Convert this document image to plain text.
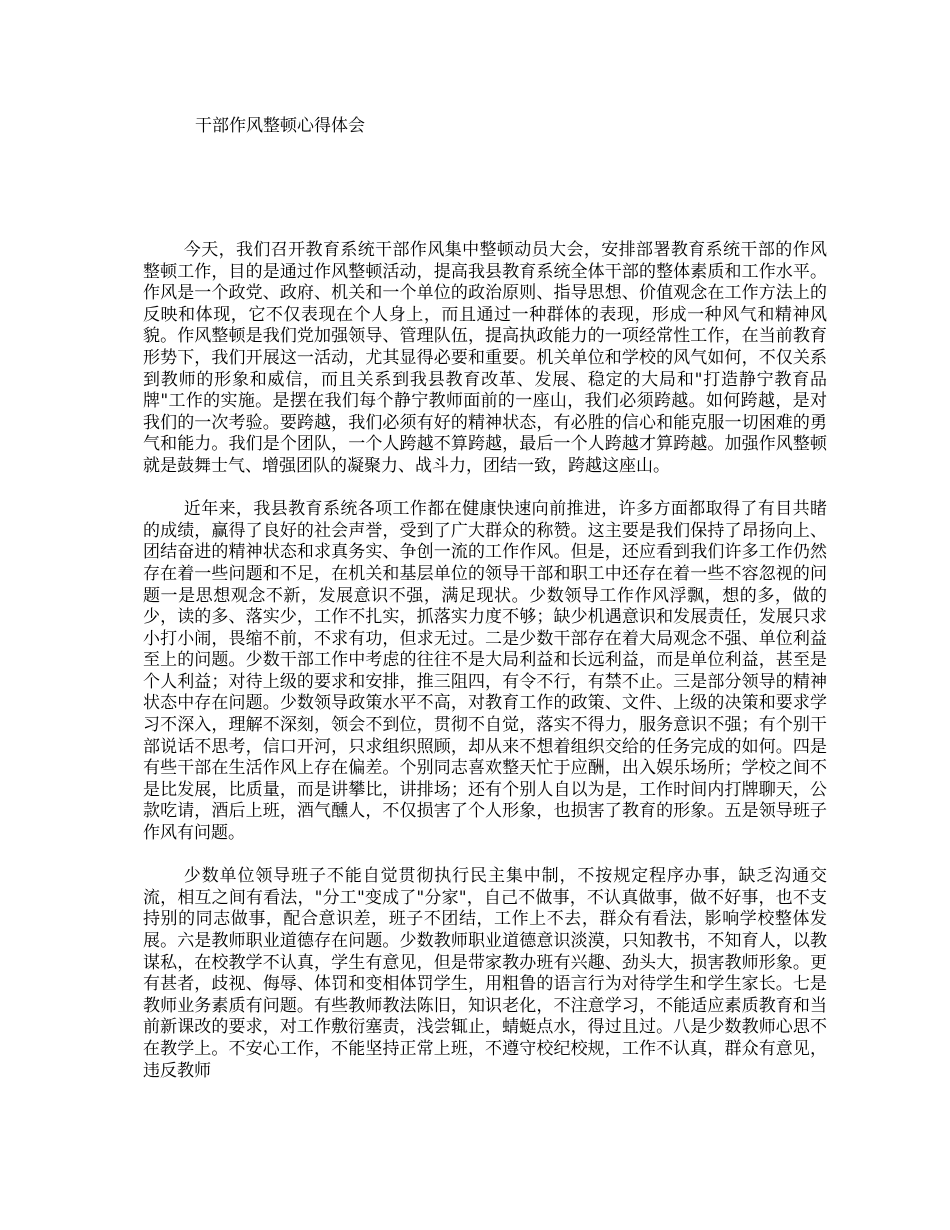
干部作风整顿心得体会

今天，我们召开教育系统干部作风集中整顿动员大会，安排部署教育系统干部的作风整顿工作，目的是通过作风整顿活动，提高我县教育系统全体干部的整体素质和工作水平。作风是一个政党、政府、机关和一个单位的政治原则、指导思想、价值观念在工作方法上的反映和体现，它不仅表现在个人身上，而且通过一种群体的表现，形成一种风气和精神风貌。作风整顿是我们党加强领导、管理队伍，提高执政能力的一项经常性工作，在当前教育形势下，我们开展这一活动，尤其显得必要和重要。机关单位和学校的风气如何，不仅关系到教师的形象和威信，而且关系到我县教育改革、发展、稳定的大局和"打造静宁教育品牌"工作的实施。是摆在我们每个静宁教师面前的一座山，我们必须跨越。如何跨越，是对我们的一次考验。要跨越，我们必须有好的精神状态，有必胜的信心和能克服一切困难的勇气和能力。我们是个团队，一个人跨越不算跨越，最后一个人跨越才算跨越。加强作风整顿就是鼓舞士气、增强团队的凝聚力、战斗力，团结一致，跨越这座山。

近年来，我县教育系统各项工作都在健康快速向前推进，许多方面都取得了有目共睹的成绩，赢得了良好的社会声誉，受到了广大群众的称赞。这主要是我们保持了昂扬向上、团结奋进的精神状态和求真务实、争创一流的工作作风。但是，还应看到我们许多工作仍然存在着一些问题和不足，在机关和基层单位的领导干部和职工中还存在着一些不容忽视的问题一是思想观念不新，发展意识不强，满足现状。少数领导工作作风浮飘，想的多，做的少，读的多、落实少，工作不扎实，抓落实力度不够；缺少机遇意识和发展责任，发展只求小打小闹，畏缩不前，不求有功，但求无过。二是少数干部存在着大局观念不强、单位利益至上的问题。少数干部工作中考虑的往往不是大局利益和长远利益，而是单位利益，甚至是个人利益；对待上级的要求和安排，推三阻四，有令不行，有禁不止。三是部分领导的精神状态中存在问题。少数领导政策水平不高，对教育工作的政策、文件、上级的决策和要求学习不深入，理解不深刻，领会不到位，贯彻不自觉，落实不得力，服务意识不强；有个别干部说话不思考，信口开河，只求组织照顾，却从来不想着组织交给的任务完成的如何。四是有些干部在生活作风上存在偏差。个别同志喜欢整天忙于应酬，出入娱乐场所；学校之间不是比发展，比质量，而是讲攀比，讲排场；还有个别人自以为是，工作时间内打牌聊天，公款吃请，酒后上班，酒气醺人，不仅损害了个人形象，也损害了教育的形象。五是领导班子作风有问题。

少数单位领导班子不能自觉贯彻执行民主集中制，不按规定程序办事，缺乏沟通交流，相互之间有看法，"分工"变成了"分家"，自己不做事，不认真做事，做不好事，也不支持别的同志做事，配合意识差，班子不团结，工作上不去，群众有看法，影响学校整体发展。六是教师职业道德存在问题。少数教师职业道德意识淡漠，只知教书，不知育人，以教谋私，在校教学不认真，学生有意见，但是带家教办班有兴趣、劲头大，损害教师形象。更有甚者，歧视、侮辱、体罚和变相体罚学生，用粗鲁的语言行为对待学生和学生家长。七是教师业务素质有问题。有些教师教法陈旧，知识老化，不注意学习，不能适应素质教育和当前新课改的要求，对工作敷衍塞责，浅尝辄止，蜻蜓点水，得过且过。八是少数教师心思不在教学上。不安心工作，不能坚持正常上班，不遵守校纪校规，工作不认真，群众有意见，违反教师
